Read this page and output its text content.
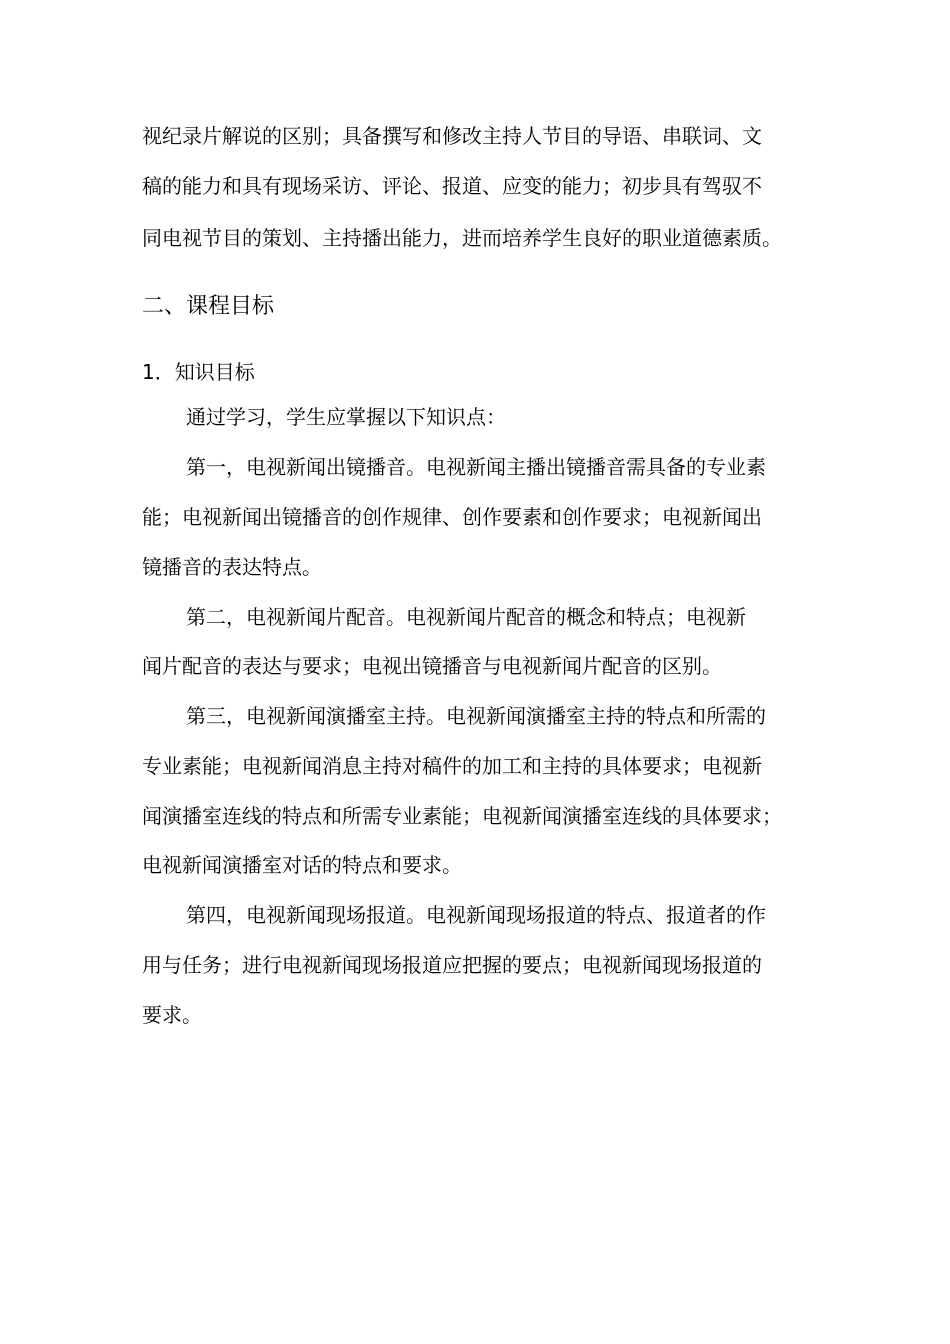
视纪录片解说的区别；具备撰写和修改主持人节目的导语、串联词、文

稿的能力和具有现场采访、评论、报道、应变的能力；初步具有驾驭不

同电视节目的策划、主持播出能力，进而培养学生良好的职业道德素质。

二、课程目标

1．知识目标

通过学习，学生应掌握以下知识点：

第一，电视新闻出镜播音。电视新闻主播出镜播音需具备的专业素

能；电视新闻出镜播音的创作规律、创作要素和创作要求；电视新闻出

镜播音的表达特点。

第二，电视新闻片配音。电视新闻片配音的概念和特点；电视新

闻片配音的表达与要求；电视出镜播音与电视新闻片配音的区别。

第三，电视新闻演播室主持。电视新闻演播室主持的特点和所需的

专业素能；电视新闻消息主持对稿件的加工和主持的具体要求；电视新

闻演播室连线的特点和所需专业素能；电视新闻演播室连线的具体要求；

电视新闻演播室对话的特点和要求。

第四，电视新闻现场报道。电视新闻现场报道的特点、报道者的作

用与任务；进行电视新闻现场报道应把握的要点；电视新闻现场报道的

要求。
